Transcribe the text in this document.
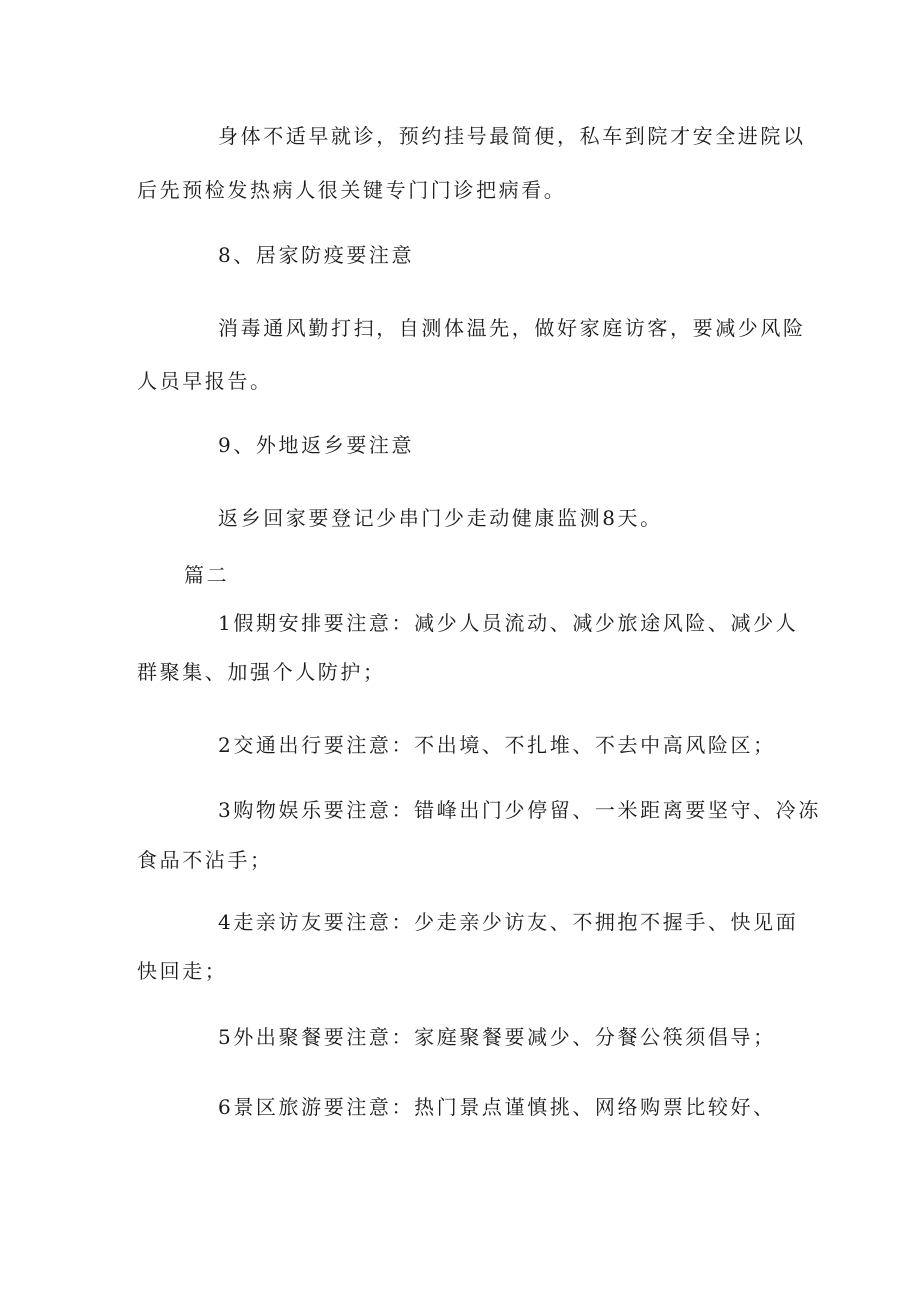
身体不适早就诊，预约挂号最简便，私车到院才安全进院以
后先预检发热病人很关键专门门诊把病看。
8、居家防疫要注意
消毒通风勤打扫，自测体温先，做好家庭访客，要减少风险
人员早报告。
9、外地返乡要注意
返乡回家要登记少串门少走动健康监测8天。
篇二
1假期安排要注意：减少人员流动、减少旅途风险、减少人
群聚集、加强个人防护；
2交通出行要注意：不出境、不扎堆、不去中高风险区；
3购物娱乐要注意：错峰出门少停留、一米距离要坚守、冷冻
食品不沾手；
4走亲访友要注意：少走亲少访友、不拥抱不握手、快见面
快回走；
5外出聚餐要注意：家庭聚餐要减少、分餐公筷须倡导；
6景区旅游要注意：热门景点谨慎挑、网络购票比较好、
